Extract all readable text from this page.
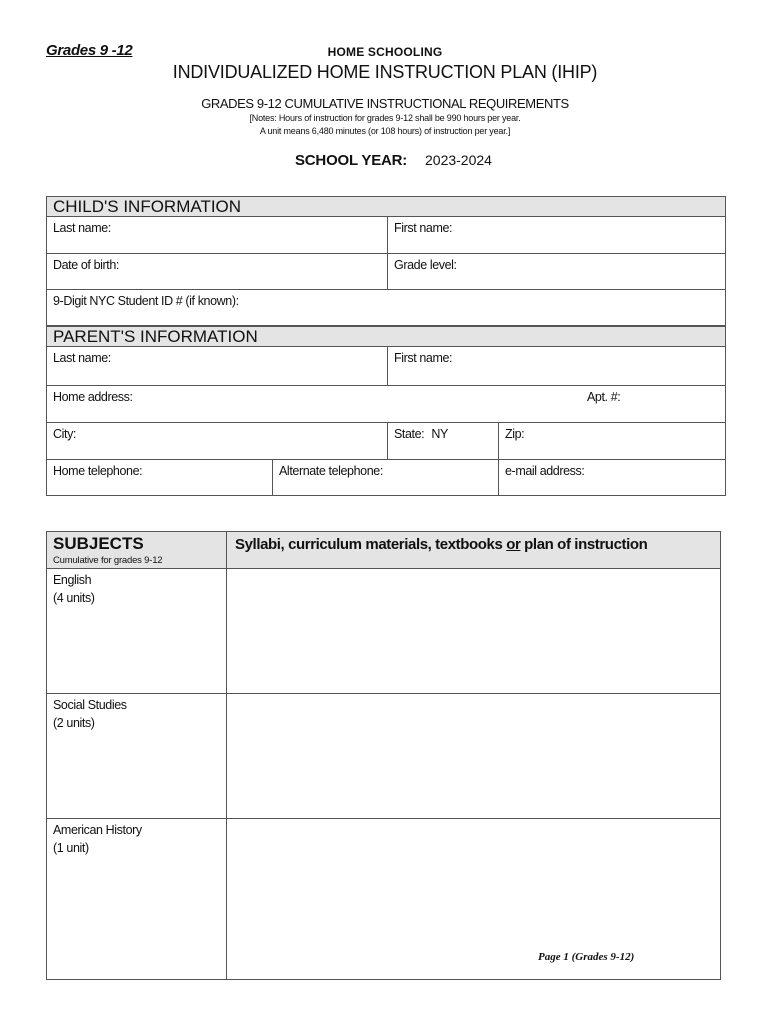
Grades 9 -12	HOME SCHOOLING
INDIVIDUALIZED HOME INSTRUCTION PLAN (IHIP)
GRADES 9-12 CUMULATIVE INSTRUCTIONAL REQUIREMENTS
[Notes: Hours of instruction for grades 9-12 shall be 990 hours per year.
A unit means 6,480 minutes (or 108 hours) of instruction per year.]
SCHOOL YEAR: 2023-2024
CHILD'S INFORMATION
Last name:	First name:
Date of birth:	Grade level:
9-Digit NYC Student ID # (if known):
PARENT'S INFORMATION
Last name:	First name:
Home address:	Apt. #:
City:	State: NY	Zip:
Home telephone:	Alternate telephone:	e-mail address:
SUBJECTS
Cumulative for grades 9-12
Syllabi, curriculum materials, textbooks or plan of instruction
English
(4 units)
Social Studies
(2 units)
American History
(1 unit)
Page 1 (Grades 9-12)
